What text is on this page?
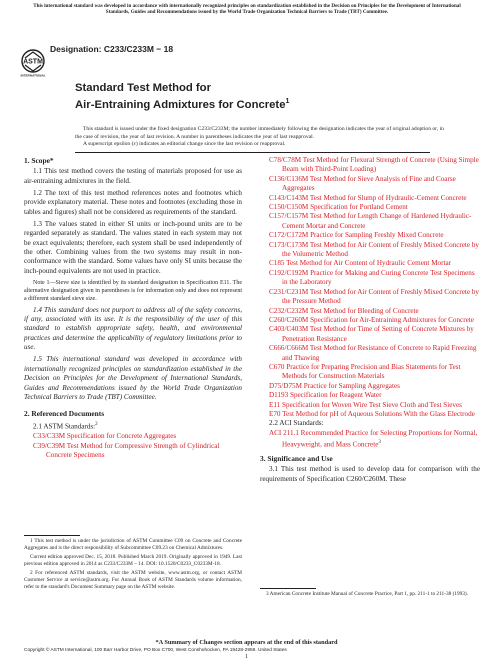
This international standard was developed in accordance with internationally recognized principles on standardization established in the Decision on Principles for the Development of International Standards, Guides and Recommendations issued by the World Trade Organization Technical Barriers to Trade (TBT) Committee.
ASTM
INTERNATIONAL
Designation: C233/C233M − 18
Standard Test Method for
Air-Entraining Admixtures for Concrete$^1$

This standard is issued under the fixed designation C233/C233M; the number immediately following the designation indicates the year of original adoption or, in the case of revision, the year of last revision. A number in parentheses indicates the year of last reapproval.

A superscript epsilon (ε) indicates an editorial change since the last revision or reapproval.

1. Scope*

1.1 This test method covers the testing of materials proposed for use as air-entraining admixtures in the field.

1.2 The text of this test method references notes and footnotes which provide explanatory material. These notes and footnotes (excluding those in tables and figures) shall not be considered as requirements of the standard.

1.3 The values stated in either SI units or inch-pound units are to be regarded separately as standard. The values stated in each system may not be exact equivalents; therefore, each system shall be used independently of the other. Combining values from the two systems may result in non-conformance with the standard. Some values have only SI units because the inch-pound equivalents are not used in practice.

Note 1—Sieve size is identified by its standard designation in Specification E11. The alternative designation given in parentheses is for information only and does not represent a different standard sieve size.

1.4 This standard does not purport to address all of the safety concerns, if any, associated with its use. It is the responsibility of the user of this standard to establish appropriate safety, health, and environmental practices and determine the applicability of regulatory limitations prior to use.

1.5 This international standard was developed in accordance with internationally recognized principles on standardization established in the Decision on Principles for the Development of International Standards, Guides and Recommendations issued by the World Trade Organization Technical Barriers to Trade (TBT) Committee.

2. Referenced Documents

2.1 ASTM Standards:$^2$

C33/C33M Specification for Concrete Aggregates

C39/C39M Test Method for Compressive Strength of Cylindrical Concrete Specimens

C78/C78M Test Method for Flexural Strength of Concrete (Using Simple Beam with Third-Point Loading)

C136/C136M Test Method for Sieve Analysis of Fine and Coarse Aggregates

C143/C143M Test Method for Slump of Hydraulic-Cement Concrete

C150/C150M Specification for Portland Cement

C157/C157M Test Method for Length Change of Hardened Hydraulic-Cement Mortar and Concrete

C172/C172M Practice for Sampling Freshly Mixed Concrete

C173/C173M Test Method for Air Content of Freshly Mixed Concrete by the Volumetric Method

C185 Test Method for Air Content of Hydraulic Cement Mortar

C192/C192M Practice for Making and Curing Concrete Test Specimens in the Laboratory

C231/C231M Test Method for Air Content of Freshly Mixed Concrete by the Pressure Method

C232/C232M Test Method for Bleeding of Concrete

C260/C260M Specification for Air-Entraining Admixtures for Concrete

C403/C403M Test Method for Time of Setting of Concrete Mixtures by Penetration Resistance

C666/C666M Test Method for Resistance of Concrete to Rapid Freezing and Thawing

C670 Practice for Preparing Precision and Bias Statements for Test Methods for Construction Materials

D75/D75M Practice for Sampling Aggregates

D1193 Specification for Reagent Water

E11 Specification for Woven Wire Test Sieve Cloth and Test Sieves

E70 Test Method for pH of Aqueous Solutions With the Glass Electrode

2.2 ACI Standards:

ACI 211.1 Recommended Practice for Selecting Proportions for Normal, Heavyweight, and Mass Concrete$^3$

3. Significance and Use

3.1 This test method is used to develop data for comparison with the requirements of Specification C260/C260M. These

1 This test method is under the jurisdiction of ASTM Committee C09 on Concrete and Concrete Aggregates and is the direct responsibility of Subcommittee C09.23 on Chemical Admixtures.

Current edition approved Dec. 15, 2018. Published March 2019. Originally approved in 1949. Last previous edition approved in 2014 as C233/C233M – 14. DOI: 10.1520/C0233_C0233M-18.

2 For referenced ASTM standards, visit the ASTM website, www.astm.org, or contact ASTM Customer Service at service@astm.org. For Annual Book of ASTM Standards volume information, refer to the standard's Document Summary page on the ASTM website.

3 American Concrete Institute Manual of Concrete Practice, Part 1, pp. 211-1 to 211-38 (1993).

*A Summary of Changes section appears at the end of this standard
Copyright © ASTM International, 100 Barr Harbor Drive, PO Box C700, West Conshohocken, PA 19428-2959. United States
1
